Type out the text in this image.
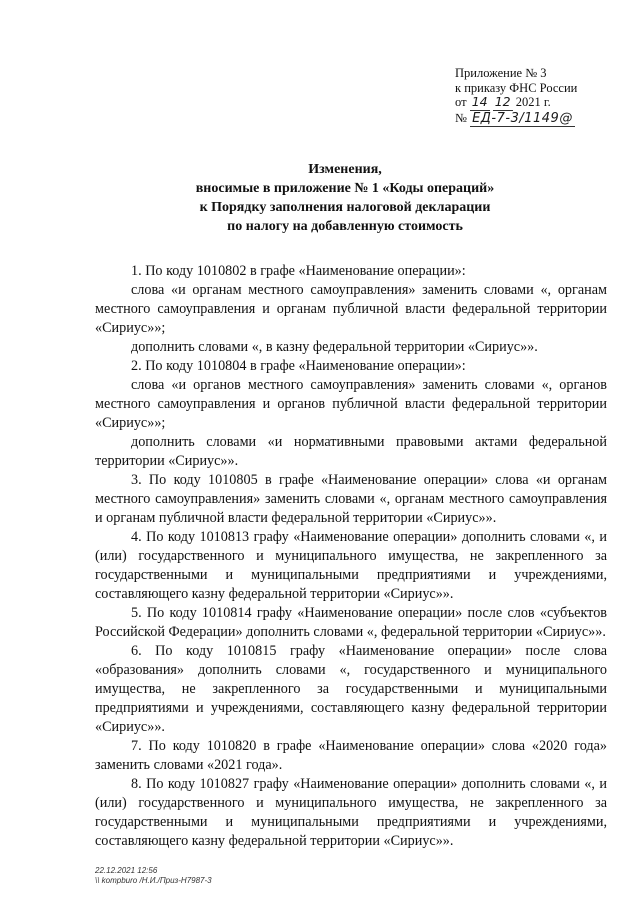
Приложение № 3
к приказу ФНС России
от 14 12 2021 г.
№ ЕД-7-3/1149@
Изменения,
вносимые в приложение № 1 «Коды операций»
к Порядку заполнения налоговой декларации
по налогу на добавленную стоимость

1. По коду 1010802 в графе «Наименование операции»:

слова «и органам местного самоуправления» заменить словами «, органам местного самоуправления и органам публичной власти федеральной территории «Сириус»»;

дополнить словами «, в казну федеральной территории «Сириус»».

2. По коду 1010804 в графе «Наименование операции»:

слова «и органов местного самоуправления» заменить словами «, органов местного самоуправления и органов публичной власти федеральной территории «Сириус»»;

дополнить словами «и нормативными правовыми актами федеральной территории «Сириус»».

3. По коду 1010805 в графе «Наименование операции» слова «и органам местного самоуправления» заменить словами «, органам местного самоуправления и органам публичной власти федеральной территории «Сириус»».

4. По коду 1010813 графу «Наименование операции» дополнить словами «, и (или) государственного и муниципального имущества, не закрепленного за государственными и муниципальными предприятиями и учреждениями, составляющего казну федеральной территории «Сириус»».

5. По коду 1010814 графу «Наименование операции» после слов «субъектов Российской Федерации» дополнить словами «, федеральной территории «Сириус»».

6. По коду 1010815 графу «Наименование операции» после слова «образования» дополнить словами «, государственного и муниципального имущества, не закрепленного за государственными и муниципальными предприятиями и учреждениями, составляющего казну федеральной территории «Сириус»».

7. По коду 1010820 в графе «Наименование операции» слова «2020 года» заменить словами «2021 года».

8. По коду 1010827 графу «Наименование операции» дополнить словами «, и (или) государственного и муниципального имущества, не закрепленного за государственными и муниципальными предприятиями и учреждениями, составляющего казну федеральной территории «Сириус»».

22.12.2021 12:56
\\ kompburo /Н.И./Приз-Н7987-3
